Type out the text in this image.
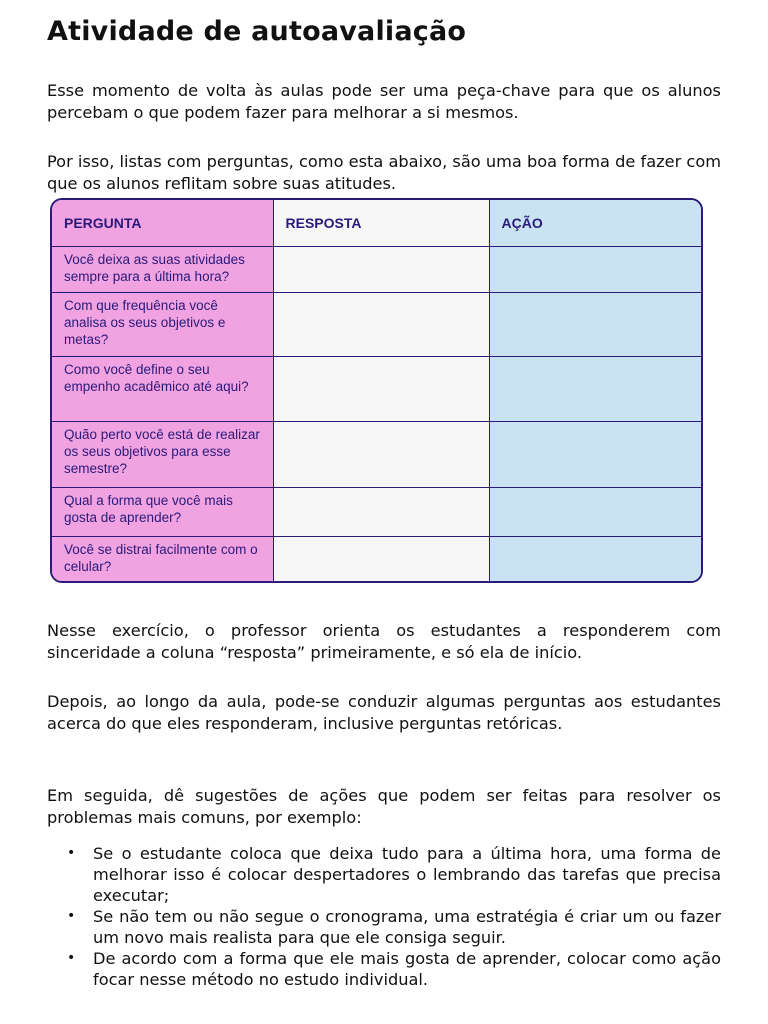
Atividade de autoavaliação

Esse momento de volta às aulas pode ser uma peça-chave para que os alunos percebam o que podem fazer para melhorar a si mesmos.

Por isso, listas com perguntas, como esta abaixo, são uma boa forma de fazer com que os alunos reflitam sobre suas atitudes.

PERGUNTA	RESPOSTA	AÇÃO
Você deixa as suas atividades sempre para a última hora?		
Com que frequência você analisa os seus objetivos e metas?		
Como você define o seu empenho acadêmico até aqui?		
Quão perto você está de realizar os seus objetivos para esse semestre?		
Qual a forma que você mais gosta de aprender?		
Você se distrai facilmente com o celular?		

Nesse exercício, o professor orienta os estudantes a responderem com sinceridade a coluna “resposta” primeiramente, e só ela de início.

Depois, ao longo da aula, pode-se conduzir algumas perguntas aos estudantes acerca do que eles responderam, inclusive perguntas retóricas.

Em seguida, dê sugestões de ações que podem ser feitas para resolver os problemas mais comuns, por exemplo:

• Se o estudante coloca que deixa tudo para a última hora, uma forma de melhorar isso é colocar despertadores o lembrando das tarefas que precisa executar;
• Se não tem ou não segue o cronograma, uma estratégia é criar um ou fazer um novo mais realista para que ele consiga seguir.
• De acordo com a forma que ele mais gosta de aprender, colocar como ação focar nesse método no estudo individual.
